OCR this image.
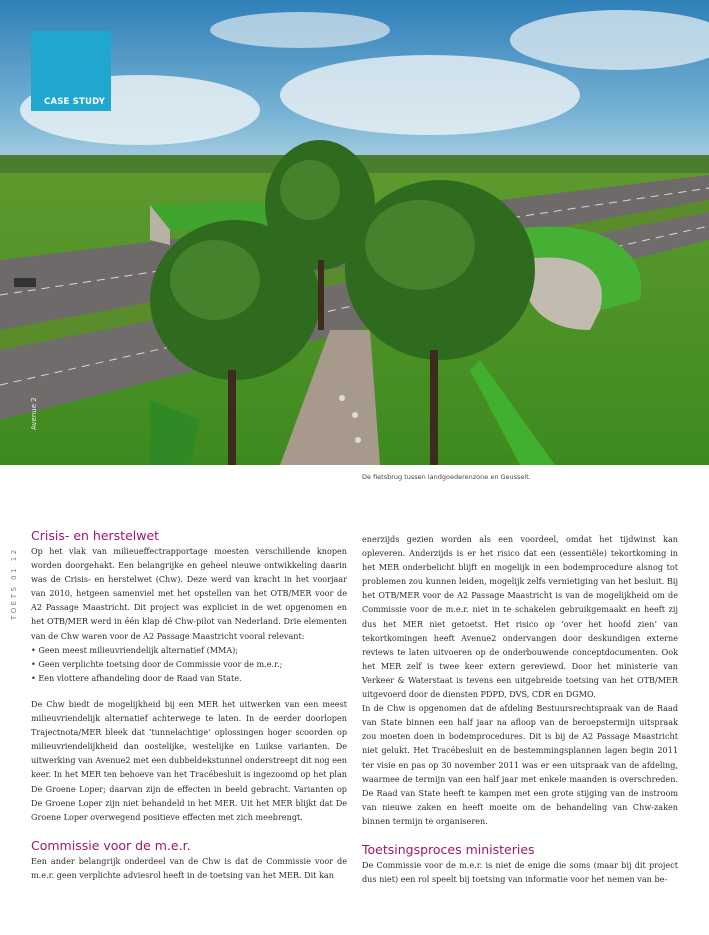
CASE STUDY
Avenue 2
De fietsbrug tussen landgoederenzone en Geusselt.
TOETS 01 12
Crisis- en herstelwet

Op het vlak van milieueffectrapportage moesten verschillende knopen worden doorgehakt. Een belangrijke en geheel nieuwe ontwikkeling daarin was de Crisis- en herstelwet (Chw). Deze werd van kracht in het voorjaar van 2010, hetgeen samenviel met het opstellen van het OTB/MER voor de A2 Passage Maastricht. Dit project was expliciet in de wet opgenomen en het OTB/MER werd in één klap dé Chw-pilot van Nederland. Drie elementen van de Chw waren voor de A2 Passage Maastricht vooral relevant:

• Geen meest milieuvriendelijk alternatief (MMA);
• Geen verplichte toetsing door de Commissie voor de m.e.r.;
• Een vlottere afhandeling door de Raad van State.

De Chw biedt de mogelijkheid bij een MER het uitwerken van een meest milieuvriendelijk alternatief achterwege te laten. In de eerder doorlopen Trajectnota/MER bleek dat ‘tunnelachtige’ oplossingen hoger scoorden op milieuvriendelijkheid dan oostelijke, westelijke en Luikse varianten. De uitwerking van Avenue2 met een dubbeldekstunnel onderstreept dit nog een keer. In het MER ten behoeve van het Tracébesluit is ingezoomd op het plan De Groene Loper; daarvan zijn de effecten in beeld gebracht. Varianten op De Groene Loper zijn niet behandeld in het MER. Uit het MER blijkt dat De Groene Loper overwegend positieve effecten met zich meebrengt.

Commissie voor de m.e.r.

Een ander belangrijk onderdeel van de Chw is dat de Commissie voor de m.e.r. geen verplichte adviesrol heeft in de toetsing van het MER. Dit kan

enerzijds gezien worden als een voordeel, omdat het tijdwinst kan opleveren. Anderzijds is er het risico dat een (essentiële) tekortkoming in het MER onderbelicht blijft en mogelijk in een bodemprocedure alsnog tot problemen zou kunnen leiden, mogelijk zelfs vernietiging van het besluit. Bij het OTB/MER voor de A2 Passage Maastricht is van de mogelijkheid om de Commissie voor de m.e.r. niet in te schakelen gebruikgemaakt en heeft zij dus het MER niet getoetst. Het risico op ‘over het hoofd zien’ van tekortkomingen heeft Avenue2 ondervangen door deskundigen externe reviews te laten uitvoeren op de onderbouwende conceptdocumenten. Ook het MER zelf is twee keer extern gereviewd. Door het ministerie van Verkeer & Waterstaat is tevens een uitgebreide toetsing van het OTB/MER uitgevoerd door de diensten PDPD, DVS, CDR en DGMO.

In de Chw is opgenomen dat de afdeling Bestuursrechtspraak van de Raad van State binnen een half jaar na afloop van de beroepstermijn uitspraak zou moeten doen in bodemprocedures. Dit is bij de A2 Passage Maastricht niet gelukt. Het Tracébesluit en de bestemmingsplannen lagen begin 2011 ter visie en pas op 30 november 2011 was er een uitspraak van de afdeling, waarmee de termijn van een half jaar met enkele maanden is overschreden. De Raad van State heeft te kampen met een grote stijging van de instroom van nieuwe zaken en heeft moeite om de behandeling van Chw-zaken binnen termijn te organiseren.

Toetsingsproces ministeries

De Commissie voor de m.e.r. is niet de enige die soms (maar bij dit project dus niet) een rol speelt bij toetsing van informatie voor het nemen van be-
